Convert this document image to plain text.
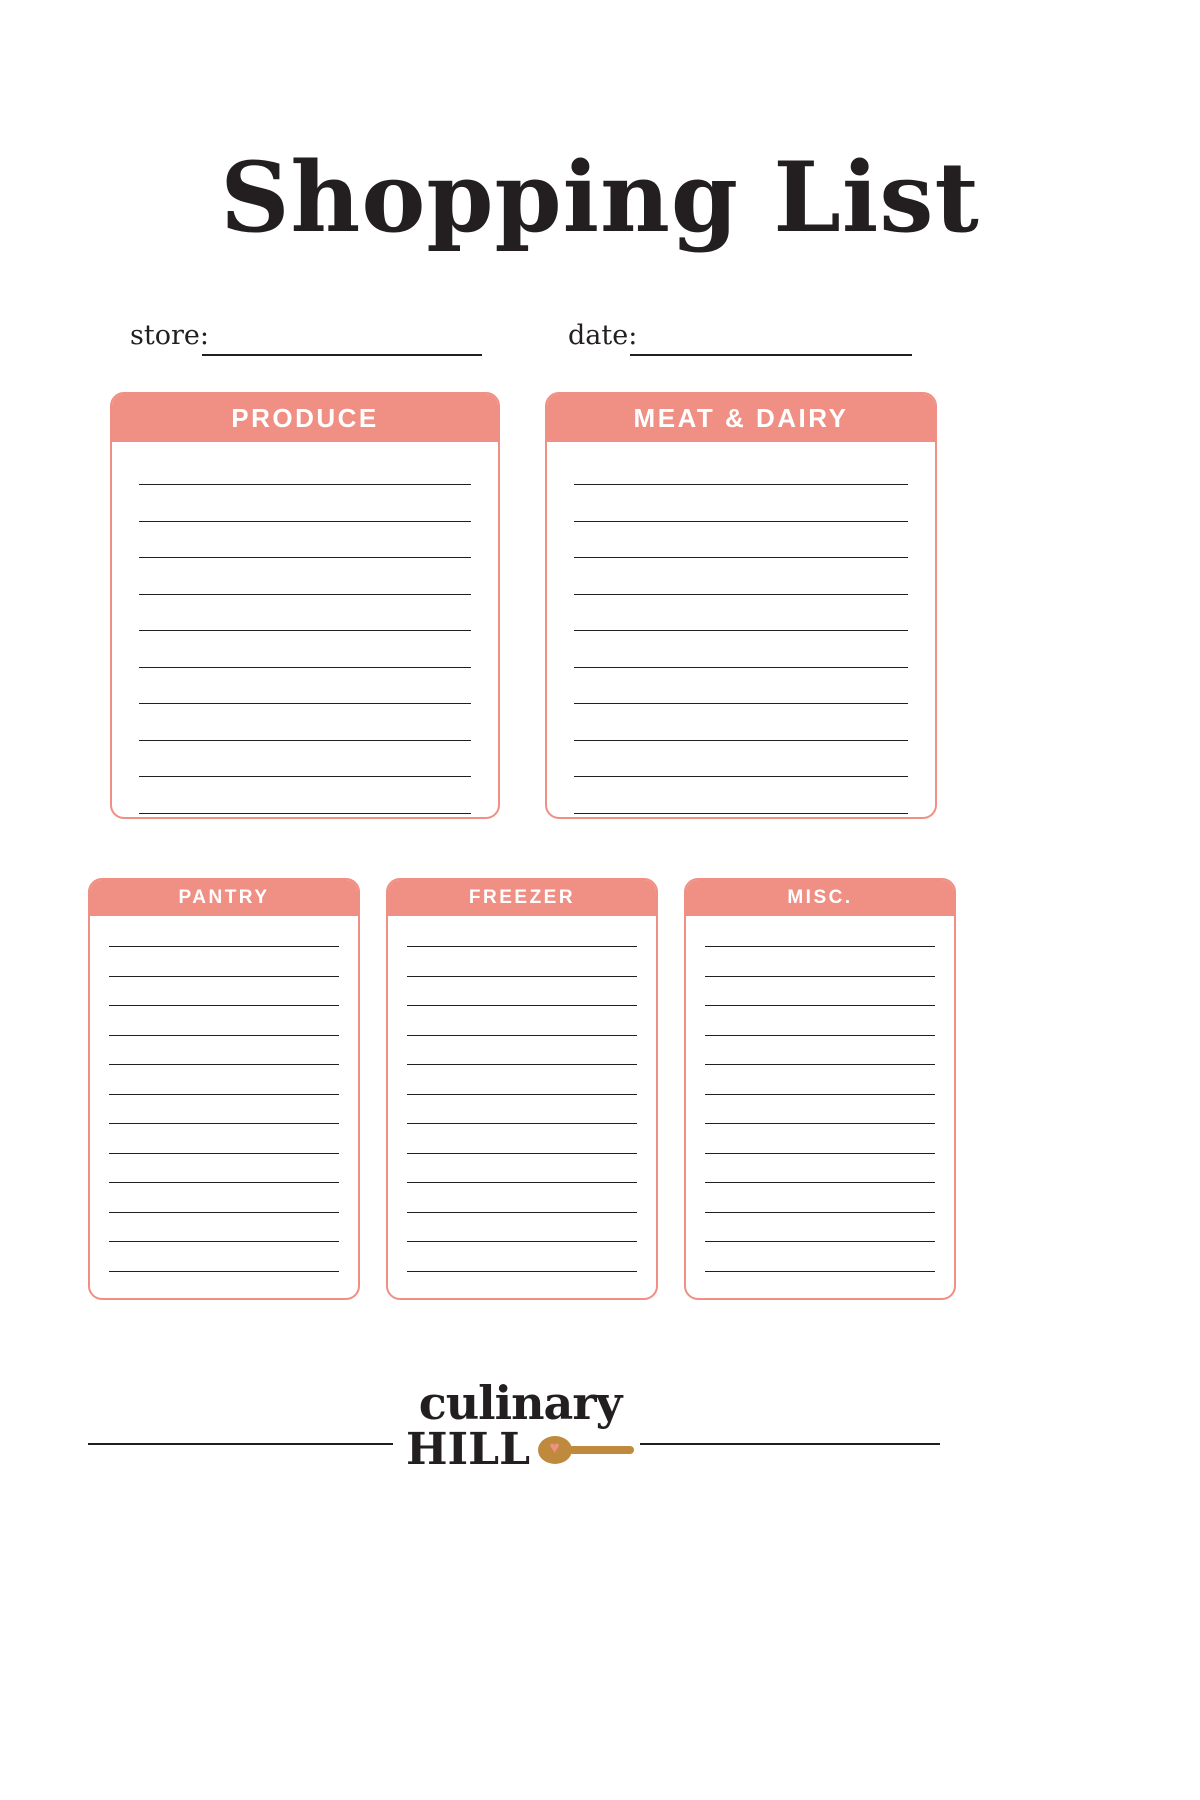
Shopping List
store:	date:
PRODUCE	MEAT & DAIRY
PANTRY	FREEZER	MISC.
culinary
HILL ♥
